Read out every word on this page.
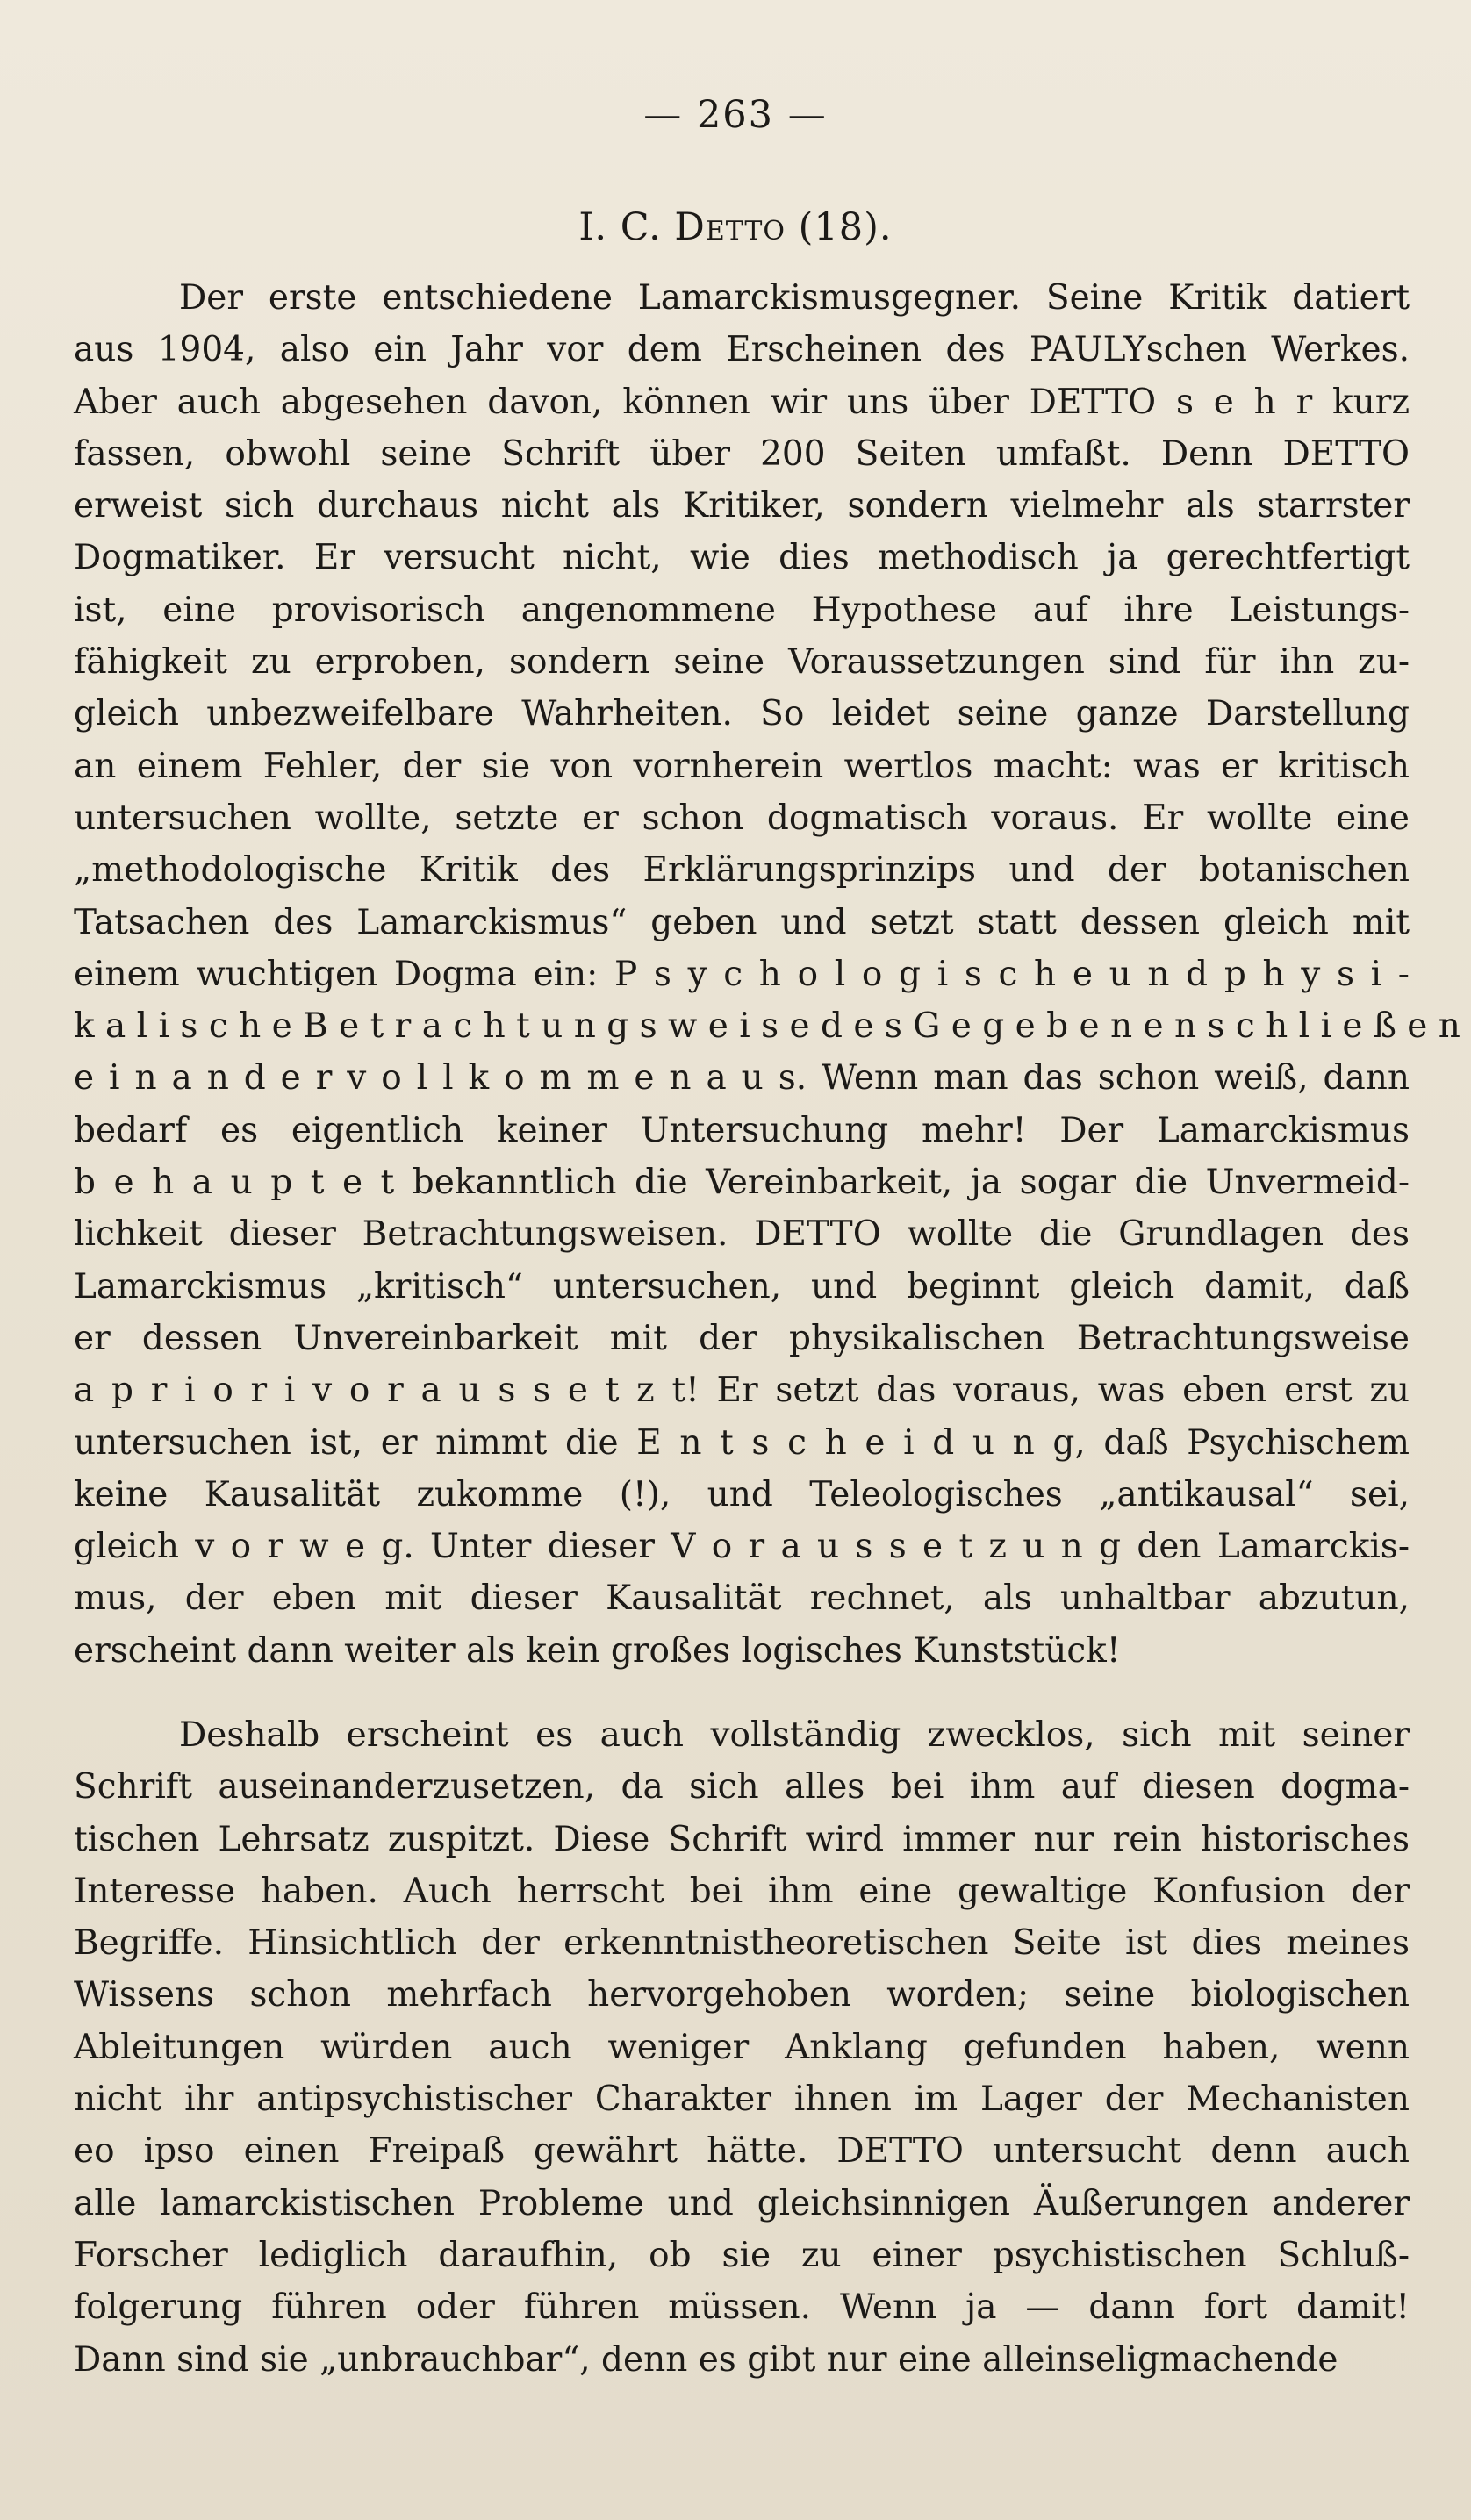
— 263 —
I. C. Detto (18).
Der erste entschiedene Lamarckismusgegner. Seine Kritik datiert
aus 1904, also ein Jahr vor dem Erscheinen des PAULYschen Werkes.
Aber auch abgesehen davon, können wir uns über DETTO s e h r kurz
fassen, obwohl seine Schrift über 200 Seiten umfaßt. Denn DETTO
erweist sich durchaus nicht als Kritiker, sondern vielmehr als starrster
Dogmatiker. Er versucht nicht, wie dies methodisch ja gerechtfertigt
ist, eine provisorisch angenommene Hypothese auf ihre Leistungs-
fähigkeit zu erproben, sondern seine Voraussetzungen sind für ihn zu-
gleich unbezweifelbare Wahrheiten. So leidet seine ganze Darstellung
an einem Fehler, der sie von vornherein wertlos macht: was er kritisch
untersuchen wollte, setzte er schon dogmatisch voraus. Er wollte eine
„methodologische Kritik des Erklärungsprinzips und der botanischen
Tatsachen des Lamarckismus“ geben und setzt statt dessen gleich mit
einem wuchtigen Dogma ein: P s y c h o l o g i s c h e u n d p h y s i -
k a l i s c h e B e t r a c h t u n g s w e i s e d e s G e g e b e n e n s c h l i e ß e n
e i n a n d e r v o l l k o m m e n a u s. Wenn man das schon weiß, dann
bedarf es eigentlich keiner Untersuchung mehr! Der Lamarckismus
b e h a u p t e t bekanntlich die Vereinbarkeit, ja sogar die Unvermeid-
lichkeit dieser Betrachtungsweisen. DETTO wollte die Grundlagen des
Lamarckismus „kritisch“ untersuchen, und beginnt gleich damit, daß
er dessen Unvereinbarkeit mit der physikalischen Betrachtungsweise
a p r i o r i v o r a u s s e t z t! Er setzt das voraus, was eben erst zu
untersuchen ist, er nimmt die E n t s c h e i d u n g, daß Psychischem
keine Kausalität zukomme (!), und Teleologisches „antikausal“ sei,
gleich v o r w e g. Unter dieser V o r a u s s e t z u n g den Lamarckis-
mus, der eben mit dieser Kausalität rechnet, als unhaltbar abzutun,
erscheint dann weiter als kein großes logisches Kunststück!
Deshalb erscheint es auch vollständig zwecklos, sich mit seiner
Schrift auseinanderzusetzen, da sich alles bei ihm auf diesen dogma-
tischen Lehrsatz zuspitzt. Diese Schrift wird immer nur rein historisches
Interesse haben. Auch herrscht bei ihm eine gewaltige Konfusion der
Begriffe. Hinsichtlich der erkenntnistheoretischen Seite ist dies meines
Wissens schon mehrfach hervorgehoben worden; seine biologischen
Ableitungen würden auch weniger Anklang gefunden haben, wenn
nicht ihr antipsychistischer Charakter ihnen im Lager der Mechanisten
eo ipso einen Freipaß gewährt hätte. DETTO untersucht denn auch
alle lamarckistischen Probleme und gleichsinnigen Äußerungen anderer
Forscher lediglich daraufhin, ob sie zu einer psychistischen Schluß-
folgerung führen oder führen müssen. Wenn ja — dann fort damit!
Dann sind sie „unbrauchbar“, denn es gibt nur eine alleinseligmachende
